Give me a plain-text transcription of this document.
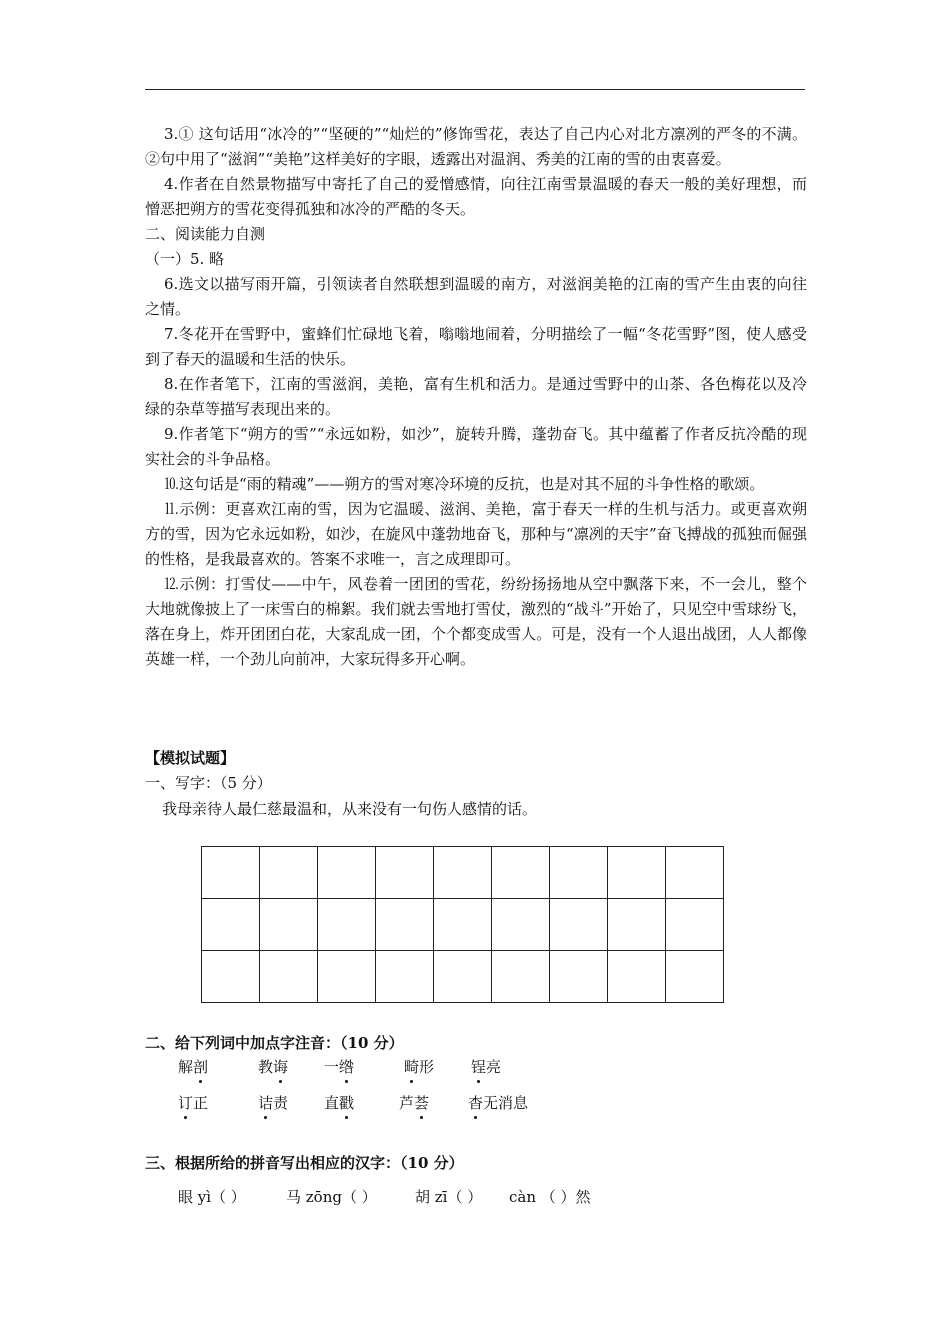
3.① 这句话用“冰冷的”“坚硬的”“灿烂的”修饰雪花，表达了自己内心对北方凛冽的严冬的不满。 ②句中用了“滋润”“美艳”这样美好的字眼，透露出对温润、秀美的江南的雪的由衷喜爱。

4.作者在自然景物描写中寄托了自己的爱憎感情，向往江南雪景温暖的春天一般的美好理想，而憎恶把朔方的雪花变得孤独和冰冷的严酷的冬天。

二、阅读能力自测

（一）5. 略

6.选文以描写雨开篇，引领读者自然联想到温暖的南方，对滋润美艳的江南的雪产生由衷的向往之情。

7.冬花开在雪野中，蜜蜂们忙碌地飞着，嗡嗡地闹着，分明描绘了一幅“冬花雪野”图，使人感受到了春天的温暖和生活的快乐。

8.在作者笔下，江南的雪滋润，美艳，富有生机和活力。是通过雪野中的山茶、各色梅花以及冷绿的杂草等描写表现出来的。

9.作者笔下“朔方的雪”“永远如粉，如沙”，旋转升腾，蓬勃奋飞。其中蕴蓄了作者反抗冷酷的现实社会的斗争品格。

⒑这句话是“雨的精魂”——朔方的雪对寒冷环境的反抗，也是对其不屈的斗争性格的歌颂。

⒒示例：更喜欢江南的雪，因为它温暖、滋润、美艳，富于春天一样的生机与活力。或更喜欢朔方的雪，因为它永远如粉，如沙，在旋风中蓬勃地奋飞，那种与“凛冽的天宇”奋飞搏战的孤独而倔强的性格，是我最喜欢的。答案不求唯一，言之成理即可。

⒓示例：打雪仗——中午，风卷着一团团的雪花，纷纷扬扬地从空中飘落下来，不一会儿，整个大地就像披上了一床雪白的棉絮。我们就去雪地打雪仗，激烈的“战斗”开始了，只见空中雪球纷飞，落在身上，炸开团团白花，大家乱成一团，个个都变成雪人。可是，没有一个人退出战团，人人都像英雄一样，一个劲儿向前冲，大家玩得多开心啊。

【模拟试题】
一、写字：（5 分）
我母亲待人最仁慈最温和，从来没有一句伤人感情的话。

二、给下列词中加点字注音：（10 分）
解剖	教诲 一绺	畸形 锃亮
订正	诘责 直戳	芦荟	杳无消息
三、根据所给的拼音写出相应的汉字：（10 分）
眼 yì（ ）	马 zōng（ ）	胡 zī（ ） càn （ ）然
